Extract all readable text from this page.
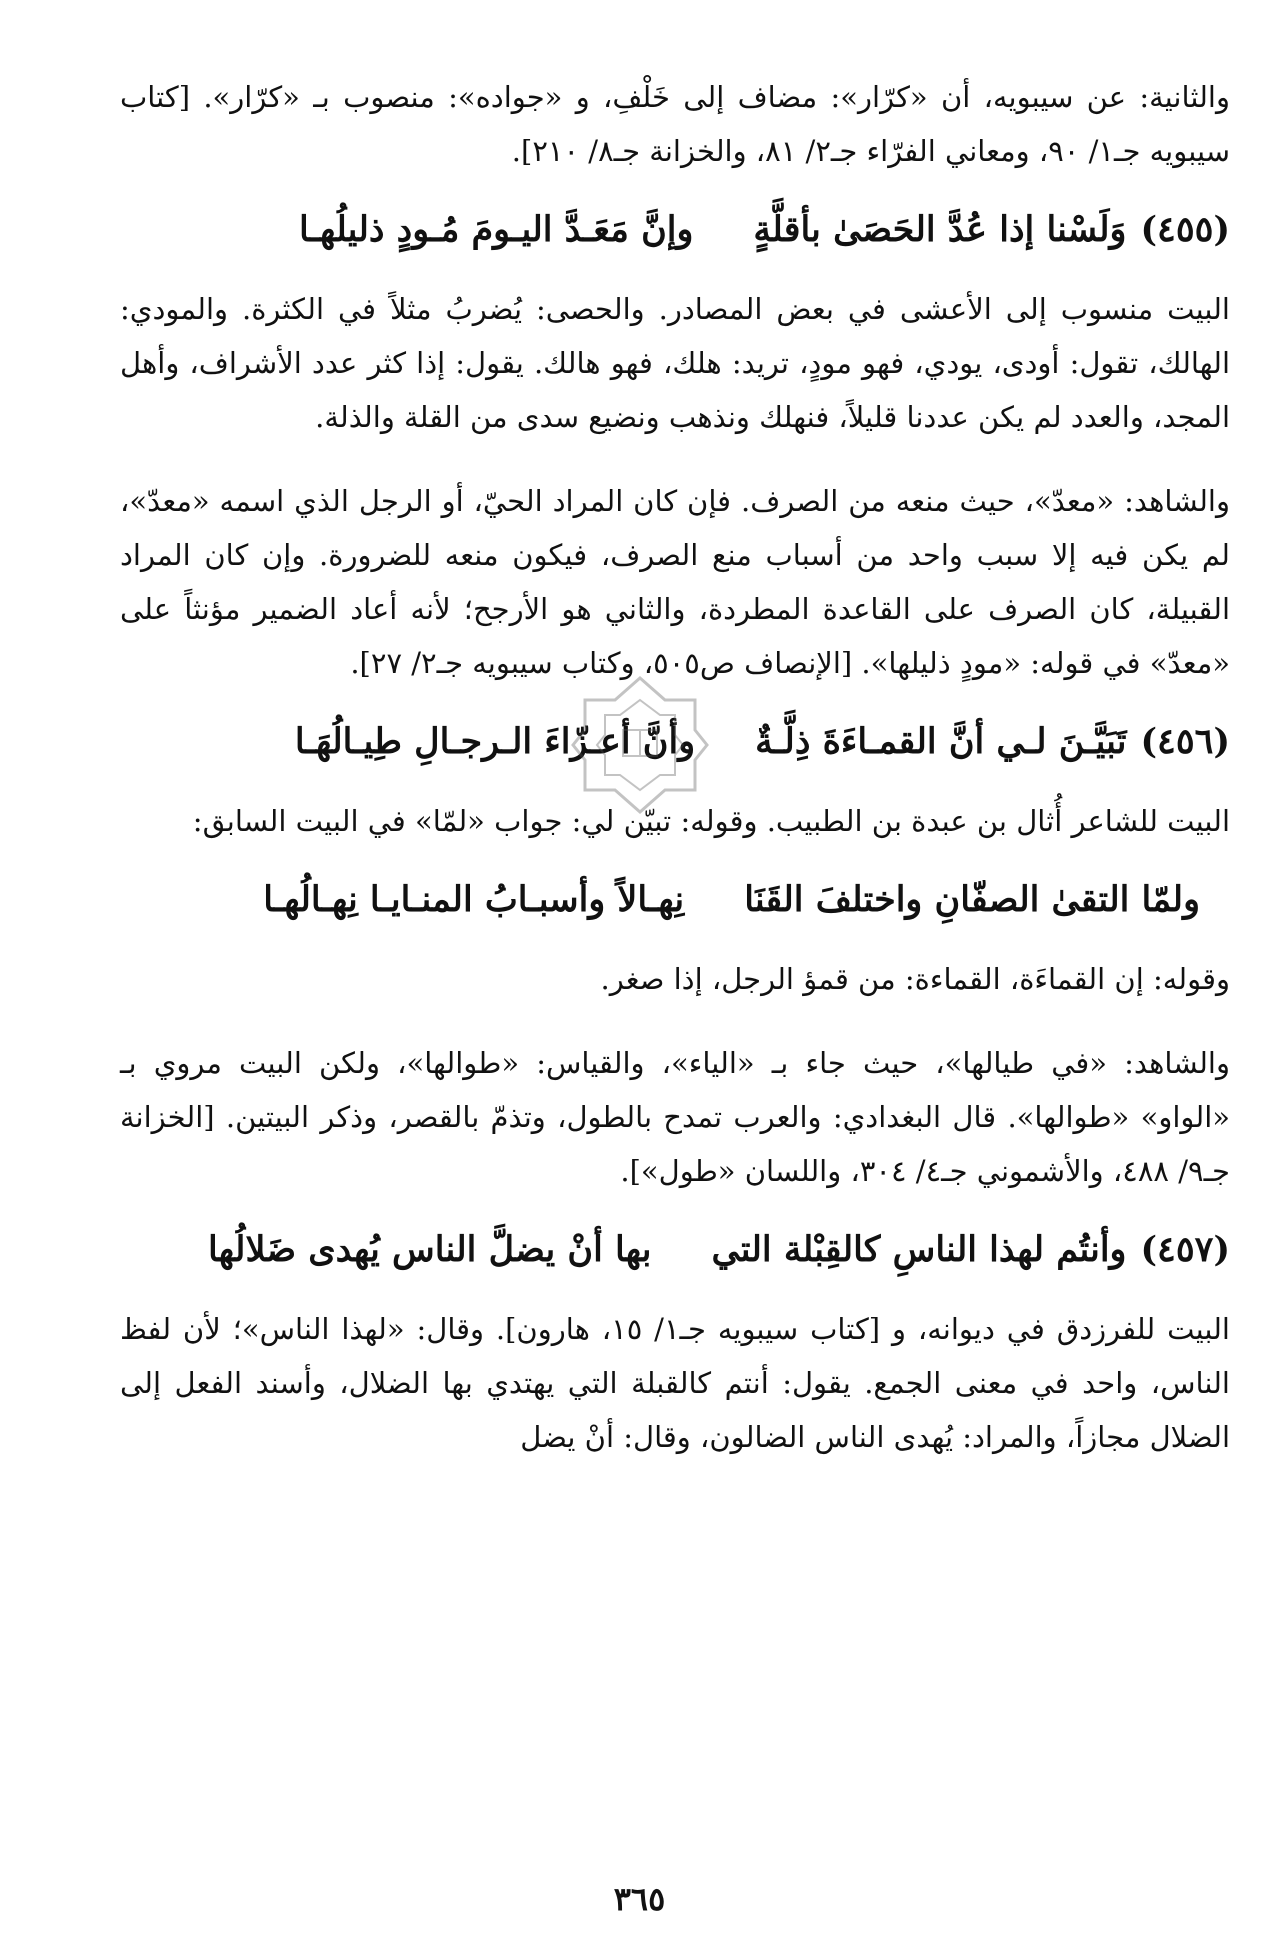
والثانية: عن سيبويه، أن «كرّار»: مضاف إلى خَلْفِ، و «جواده»: منصوب بـ «كرّار». [كتاب سيبويه جـ١/ ٩٠، ومعاني الفرّاء جـ٢/ ٨١، والخزانة جـ٨/ ٢١٠].

(٤٥٥)
وَلَسْنا إذا عُدَّ الحَصَىٰ بأقلَّةٍ
وإنَّ مَعَـدَّ اليـومَ مُـودٍ ذليلُهـا

البيت منسوب إلى الأعشى في بعض المصادر. والحصى: يُضربُ مثلاً في الكثرة. والمودي: الهالك، تقول: أودى، يودي، فهو مودٍ، تريد: هلك، فهو هالك. يقول: إذا كثر عدد الأشراف، وأهل المجد، والعدد لم يكن عددنا قليلاً، فنهلك ونذهب ونضيع سدى من القلة والذلة.

والشاهد: «معدّ»، حيث منعه من الصرف. فإن كان المراد الحيّ، أو الرجل الذي اسمه «معدّ»، لم يكن فيه إلا سبب واحد من أسباب منع الصرف، فيكون منعه للضرورة. وإن كان المراد القبيلة، كان الصرف على القاعدة المطردة، والثاني هو الأرجح؛ لأنه أعاد الضمير مؤنثاً على «معدّ» في قوله: «مودٍ ذليلها». [الإنصاف ص٥٠٥، وكتاب سيبويه جـ٢/ ٢٧].

(٤٥٦)
تَبَيَّـنَ لـي أنَّ القمـاءَةَ ذِلَّـةٌ
وأنَّ أعـزّاءَ الـرجـالِ طِيـالُهَـا

البيت للشاعر أُثال بن عبدة بن الطبيب. وقوله: تبيّن لي: جواب «لمّا» في البيت السابق:

ولمّا التقىٰ الصفّانِ واختلفَ القَنَا
نِهـالاً وأسبـابُ المنـايـا نِهـالُهـا

وقوله: إن القماءَة، القماءة: من قمؤ الرجل، إذا صغر.

والشاهد: «في طيالها»، حيث جاء بـ «الياء»، والقياس: «طوالها»، ولكن البيت مروي بـ «الواو» «طوالها». قال البغدادي: والعرب تمدح بالطول، وتذمّ بالقصر، وذكر البيتين. [الخزانة جـ٩/ ٤٨٨، والأشموني جـ٤/ ٣٠٤، واللسان «طول»].

(٤٥٧)
وأنتُم لهذا الناسِ كالقِبْلة التي
بها أنْ يضلَّ الناس يُهدى ضَلالُها

البيت للفرزدق في ديوانه، و [كتاب سيبويه جـ١/ ١٥، هارون]. وقال: «لهذا الناس»؛ لأن لفظ الناس، واحد في معنى الجمع. يقول: أنتم كالقبلة التي يهتدي بها الضلال، وأسند الفعل إلى الضلال مجازاً، والمراد: يُهدى الناس الضالون، وقال: أنْ يضل

٣٦٥
